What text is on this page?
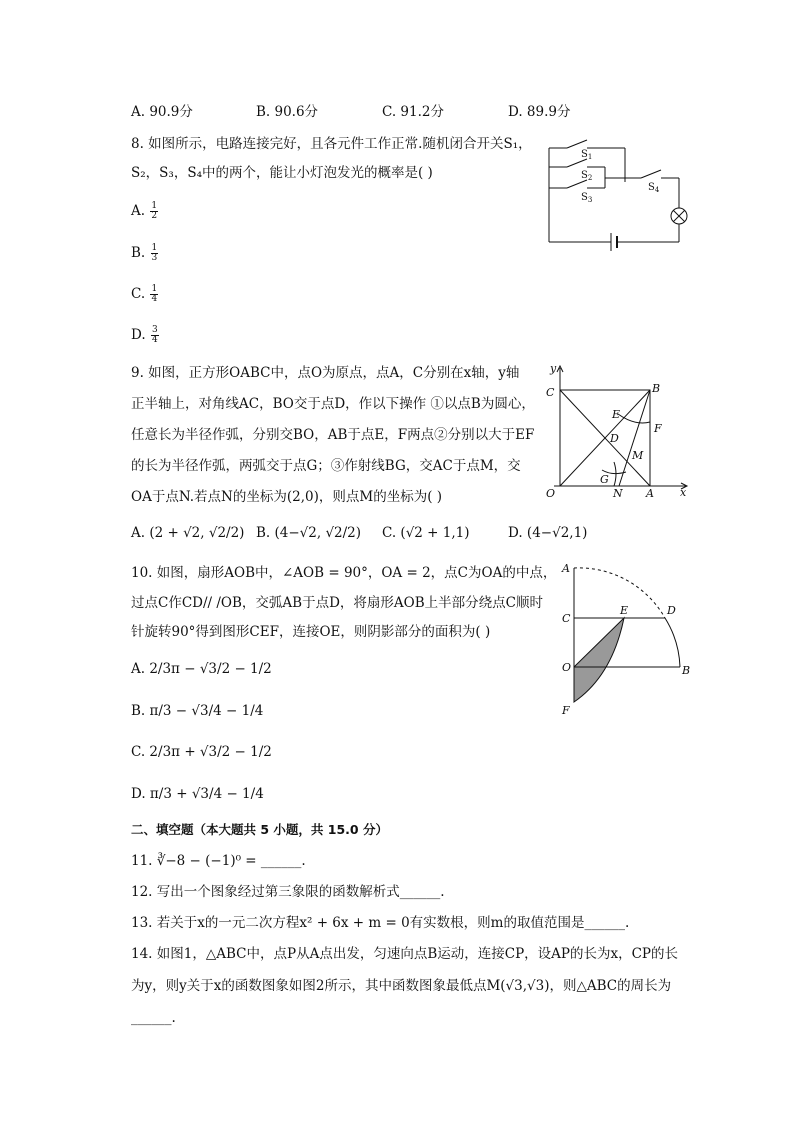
A. 90.9分	B. 90.6分	C. 91.2分	D. 89.9分
8. 如图所示，电路连接完好，且各元件工作正常.随机闭合开关S₁，
S₂，S₃，S₄中的两个，能让小灯泡发光的概率是( )
A. $\frac{1}{2}$
B. $\frac{1}{3}$
C. $\frac{1}{4}$
D. $\frac{3}{4}$
$S_1$
$S_2$
$S_3$
$S_4$
9. 如图，正方形OABC中，点O为原点，点A，C分别在x轴，y轴
正半轴上，对角线AC，BO交于点D，作以下操作 ①以点B为圆心，
任意长为半径作弧，分别交BO，AB于点E，F两点②分别以大于EF
的长为半径作弧，两弧交于点G；③作射线BG，交AC于点M，交
OA于点N.若点N的坐标为(2,0)，则点M的坐标为( )
A. (2 + √2, √2/2) B. (4−√2, √2/2) C. (√2 + 1,1)	D. (4−√2,1)
y
C	B
E
F
D
M
G
N
O	A x
10. 如图，扇形AOB中，∠AOB = 90°，OA = 2，点C为OA的中点，
过点C作CD// /OB，交弧AB于点D，将扇形AOB上半部分绕点C顺时
针旋转90°得到图形CEF，连接OE，则阴影部分的面积为( )
A. 2/3π − √3/2 − 1/2
B. π/3 − √3/4 − 1/4
C. 2/3π + √3/2 − 1/2
D. π/3 + √3/4 − 1/4
A
C
E	D
O	B
F
二、填空题（本大题共 5 小题，共 15.0 分）
11. ∛−8 − (−1)⁰ = ______.
12. 写出一个图象经过第三象限的函数解析式______.
13. 若关于x的一元二次方程x² + 6x + m = 0有实数根，则m的取值范围是______.
14. 如图1，△ABC中，点P从A点出发，匀速向点B运动，连接CP，设AP的长为x，CP的长
为y，则y关于x的函数图象如图2所示，其中函数图象最低点M(√3,√3)，则△ABC的周长为
______.
